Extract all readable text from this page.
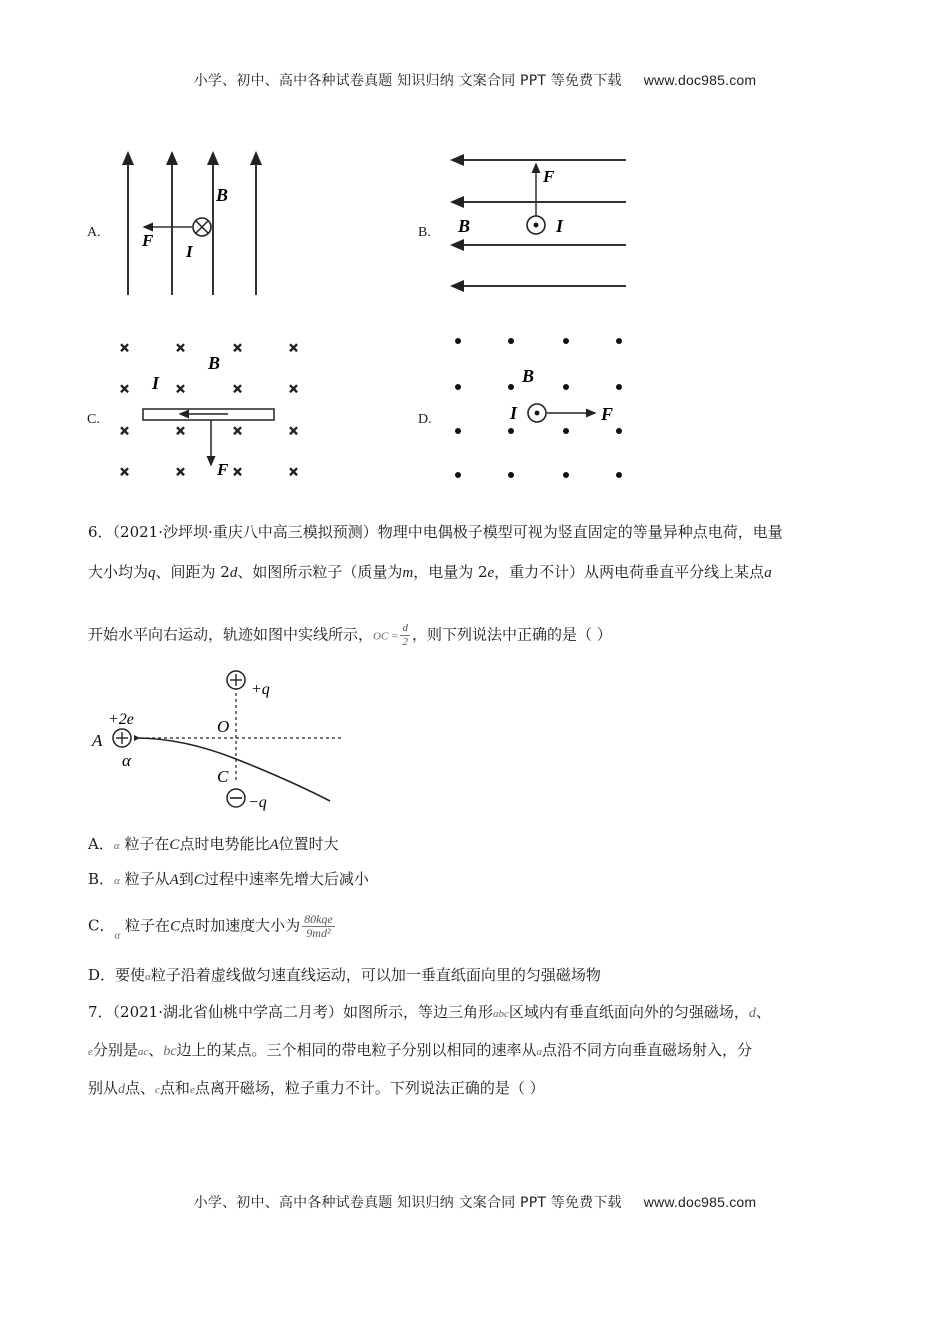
小学、初中、高中各种试卷真题 知识归纳 文案合同 PPT 等免费下载 www.doc985.com
A.
B
F
I
B.
F
B	I
C.
×	×	×	×
×	×	×	×
×	×	×	×
×	×	×	×
B
I
F
D.
B
I	F
6．（2021·沙坪坝·重庆八中高三模拟预测）物理中电偶极子模型可视为竖直固定的等量异种点电荷，电量
大小均为q、间距为 2d、如图所示粒子（质量为m，电量为 2e，重力不计）从两电荷垂直平分线上某点a
开始水平向右运动，轨迹如图中实线所示，OC = $\frac{d}{2}$ ，则下列说法中正确的是（ ）
+q
+2e
A
α
O
C
−q
A．α 粒子在C点时电势能比A位置时大
B．α 粒子从A到C过程中速率先增大后减小
C．$_\alpha$ 粒子在C点时加速度大小为 $\frac{\text{80kqe}}{\text{9md²}}$
D．要使α粒子沿着虚线做匀速直线运动，可以加一垂直纸面向里的匀强磁场物
7．（2021·湖北省仙桃中学高二月考）如图所示，等边三角形abc区域内有垂直纸面向外的匀强磁场，d、
e分别是ac、bc边上的某点。三个相同的带电粒子分别以相同的速率从a点沿不同方向垂直磁场射入，分
别从d点、c点和e点离开磁场，粒子重力不计。下列说法正确的是（ ）
小学、初中、高中各种试卷真题 知识归纳 文案合同 PPT 等免费下载 www.doc985.com
